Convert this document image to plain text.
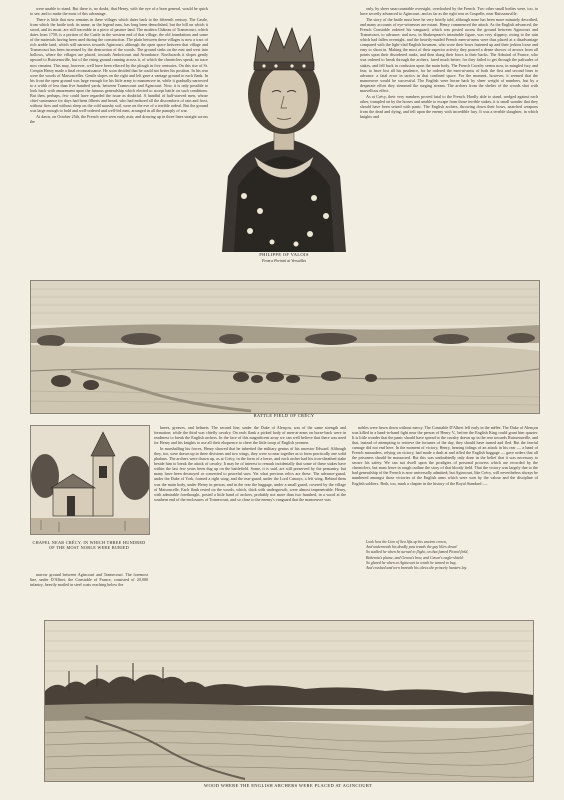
were unable to stand. But there is, no doubt, that Henry, with the eye of a born general, would be quick to see, and to make the most of this advantage.

There is little that now remains in these villages which dates back to the fifteenth century. The Castle, from which the battle took its name, as the legend runs, has long been demolished, but the hill on which it stood, and its moat, are still traceable in a piece of pasture land. The modern Château of Tramecourt, which dates from 1750, is a portion of the Castle in the western end of that village, the old foundations and some of the materials having been used during the construction. The plain between these villages is now a tract of rich arable land, which still narrows towards Agincourt, although the open space between that village and Tramecourt has been increased by the destruction of the woods. The ground sinks on the east and west into hollows, where the villages are placed, towards Ambricourt and Avondance. Northwards it slopes gently upward to Ruisseauville, but of the rising ground running across it, of which the chroniclers speak, no trace now remains. This may, however, well have been effaced by the plough in five centuries. On this rise of St. Crespin Henry made a final reconnaissance. He soon decided that he could not better his position. In his rear were the woods of Maisoncelles. Gentle slopes on the right and left gave a vantage ground to each flank. In his front the open ground was large enough for his little army to manoeuvre in, while it gradually narrowed to a width of less than five hundred yards, between Tramecourt and Agincourt. Now, it is only possible to look back with amazement upon the fatuous generalship which elected to accept battle on such conditions. But then, perhaps, few could have regarded the issue as doubtful. A handful of half-starved men, whose chief sustenance for days had been filberts and bread, who had endured all the discomforts of rain and frost, without fires and without sleep on the cold marshy soil, were on the eve of a terrible ordeal. But the ground was large enough to hold and well-ordered and well-led men, arranged in all the panoply of war.

At dawn, on October 25th, the French were seen early astir, and drawing up in three lines straight across the

PHILIPPE OF VALOIS
From a Portrait at Versailles

only, by sheer unaccountable oversight, overlooked by the French. Two other small bodies were, too, to have secretly advanced to Agincourt, and as far as the right rear as Coupelle, near Ruisseauville.

The story of the battle must here be very briefly told, although none has been more minutely described, and many accounts of eye-witnesses are extant. Henry commenced the attack. As the English advanced, the French Constable ordered his vanguard, which was posted across the ground between Agincourt and Tramecourt, to advance; and now, in Shakespeare's inimitable figure, was very slippery, owing to the rain which had fallen overnight, and the heavily-mailed French men-at-arms were thus placed at a disadvantage compared with the light-clad English bowmen, who wore their bows fastened up and their jerkins loose and easy to shoot in. Making the most of their superior activity they poured a dense shower of arrows from all points upon their disordered ranks, and then slung their bows to their backs. The Admiral of France, who was ordered to break through the archers, fared much better; for they failed to get through the palisades of stakes, and fell back in confusion upon the main body. The French Cavalry seems now, in mingled fury and fear, to have lost all his prudence, for he ordered the men-at-arms of both the first and second lines to advance. a fatal error in tactics in that confined space. For the moment, however, it seemed that the manoeuvre would be successful. The English were borne back by sheer weight of numbers, but by a desperate effort they stemmed the surging stream. The archers from the shelter of the woods shot with marvellous effect.

As at Crécy, their very numbers proved fatal to the French. Hardly able to stand, wedged against each other, trampled on by the horses and unable to escape from those terrible stakes, it is small wonder that they should have been seized with panic. The English archers, throwing down their bows, snatched weapons from the dead and dying, and fell upon the enemy with incredible fury. It was a terrible slaughter, in which knights and

BATTLE FIELD OF CRÉCY
CHAPEL NEAR CRÉCY, IN WHICH THREE HUNDRED OF THE MOST NOBLE WERE BURIED

narrow ground between Agincourt and Tramecourt. The foremost line, under D'Albret, the Constable of France, consisted of 20,000 infantry, heavily mailed in steel coats reaching below the

knees, greaves, and helmets. The second line, under the Duke of Alençon, was of the same strength and formation; while the third was chiefly cavalry. On each flank a picked body of men-at-arms on horse-back were in readiness to break the English archers. In the face of this magnificent array we can well believe that there was need for Henry and his knights to use all their eloquence to cheer the little troop of English yeomen.

In marshalling his forces, Henry showed that he inherited the military genius of his ancestor Edward. Although they, too, were drawn up in three divisions and two wings, they were so near together as to form practically one solid phalanx. The archers were drawn up, as at Crécy, in the form of a herse, and each archer had his iron-sheathed stake beside him to break the attack of cavalry. It may be of interest to remark incidentally that some of these stakes have within the last few years been dug up on the battlefield. Some, it is said, are still preserved by the peasantry, but many have been destroyed or converted to peaceful uses. Yet what precious relics are these. The advance-guard, under the Duke of York, formed a right wing, and the rear-guard, under the Lord Camoys, a left wing. Behind them was the main body, under Henry in person, and in the rear the baggage, under a small guard, covered by the village of Maisoncelle. Each flank rested on the woods, which, thick with undergrowth, were almost impenetrable. Henry, with admirable forethought, posted a little band of archers, probably not more than two hundred, in a wood at the southern end of the enclosures of Tramecourt, and so close to the enemy's vanguard that the manoeuvre was

nobles were hewn down without mercy. The Constable D'Albret fell early in the mêlée. The Duke of Alençon was killed in a hand-to-hand fight near the person of Henry V., before the English King could grant him quarter. It is little wonder that the panic should have spread to the cavalry drawn up in the rear towards Ruisseauville, and that, instead of attempting to retrieve the fortunes of the day, they should have turned and fled. But the fearful carnage did not end here. In the moment of victory, Henry, hearing tidings of an attack in his rear — a band of French marauders, relying on victory, had made a dash at and rifled the English baggage — gave orders that all the prisoners should be massacred. But this was undoubtedly only done in the belief that it was necessary to secure his safety. We can not dwell upon the prodigies of personal prowess which are recorded by the chroniclers, but must leave in rough outline the story of that bloody field. That the victory was largely due to the bad generalship of the French is now universally admitted; but Agincourt, like Crécy, will nevertheless always be numbered amongst those victories of the English arms which were won by the valour and the discipline of English soldiers. Both, too, mark a chapter in the history of the Royal Standard :—

Look how the Lion of Sea lifts up his ancient crown,
And underneath his deadly paw treads the gay lilies down!
So stalked he when he turned to flight, on that famed Picard field,
Bohemia's plume, and Genoa's bow, and Cæsar's eagle-shield:
So glared he when at Agincourt in wrath he turned to bay,
And crushed and torn beneath his claws the princely hunters lay.
WOOD WHERE THE ENGLISH ARCHERS WERE PLACED AT AGINCOURT
